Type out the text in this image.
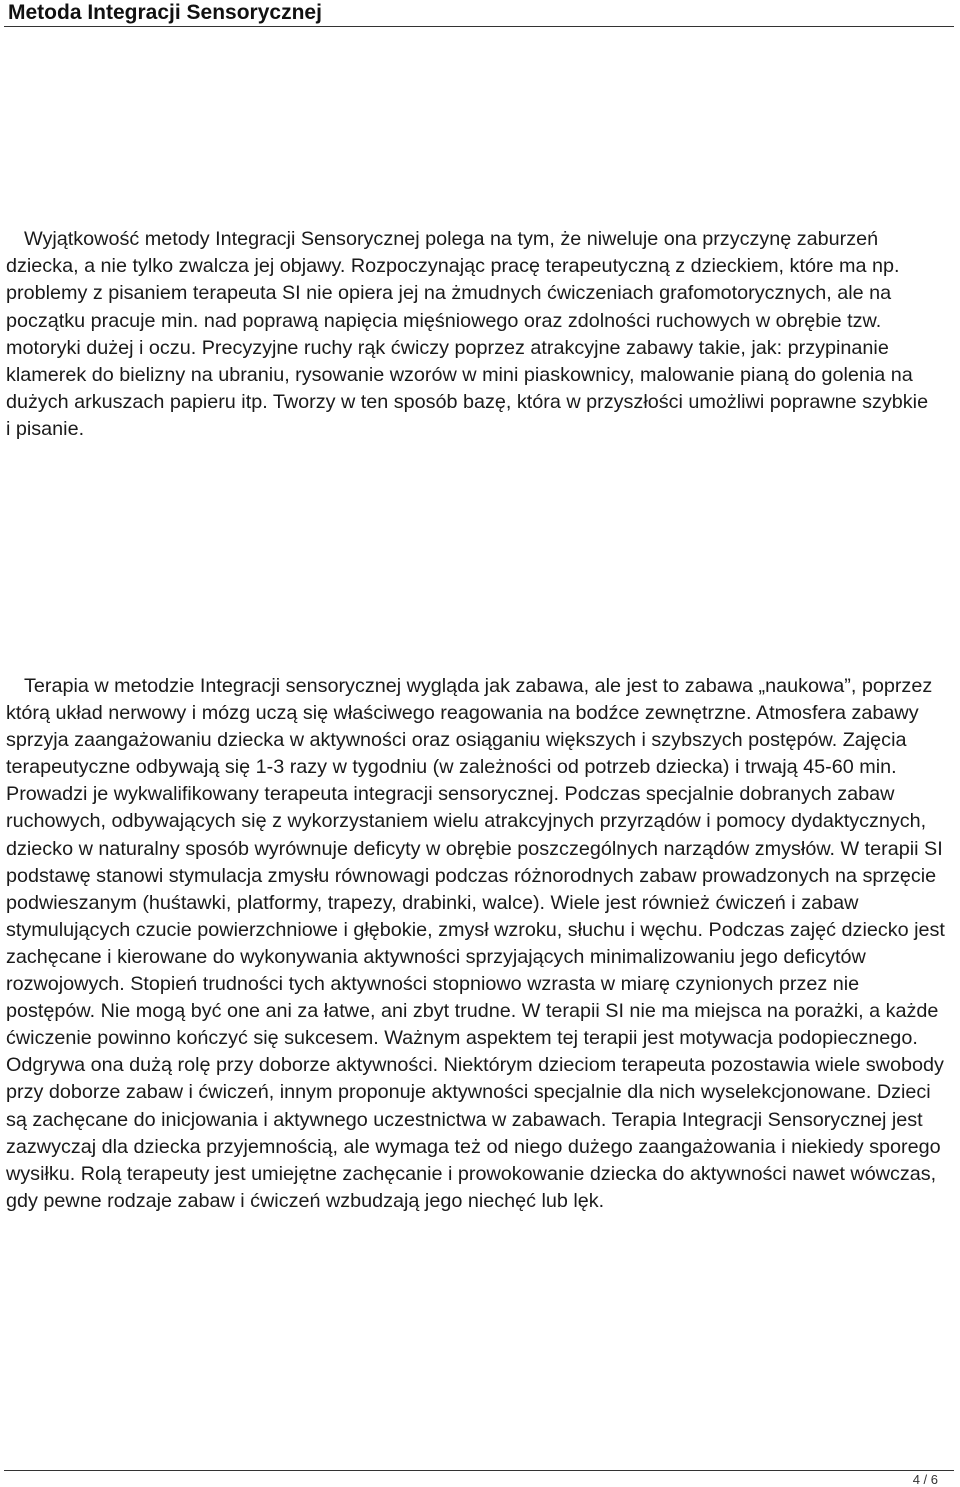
Metoda Integracji Sensorycznej

Wyjątkowość metody Integracji Sensorycznej polega na tym, że niweluje ona przyczynę zaburzeń dziecka, a nie tylko zwalcza jej objawy. Rozpoczynając pracę terapeutyczną z dzieckiem, które ma np. problemy z pisaniem terapeuta SI nie opiera jej na żmudnych ćwiczeniach grafomotorycznych, ale na początku pracuje min. nad poprawą napięcia mięśniowego oraz zdolności ruchowych w obrębie tzw. motoryki dużej i oczu. Precyzyjne ruchy rąk ćwiczy poprzez atrakcyjne zabawy takie, jak: przypinanie klamerek do bielizny na ubraniu, rysowanie wzorów w mini piaskownicy, malowanie pianą do golenia na dużych arkuszach papieru itp. Tworzy w ten sposób bazę, która w przyszłości umożliwi poprawne szybkie i pisanie.

Terapia w metodzie Integracji sensorycznej wygląda jak zabawa, ale jest to zabawa „naukowa”, poprzez którą układ nerwowy i mózg uczą się właściwego reagowania na bodźce zewnętrzne. Atmosfera zabawy sprzyja zaangażowaniu dziecka w aktywności oraz osiąganiu większych i szybszych postępów. Zajęcia terapeutyczne odbywają się 1-3 razy w tygodniu (w zależności od potrzeb dziecka) i trwają 45-60 min. Prowadzi je wykwalifikowany terapeuta integracji sensorycznej. Podczas specjalnie dobranych zabaw ruchowych, odbywających się z wykorzystaniem wielu atrakcyjnych przyrządów i pomocy dydaktycznych, dziecko w naturalny sposób wyrównuje deficyty w obrębie poszczególnych narządów zmysłów. W terapii SI podstawę stanowi stymulacja zmysłu równowagi podczas różnorodnych zabaw prowadzonych na sprzęcie podwieszanym (huśtawki, platformy, trapezy, drabinki, walce). Wiele jest również ćwiczeń i zabaw stymulujących czucie powierzchniowe i głębokie, zmysł wzroku, słuchu i węchu. Podczas zajęć dziecko jest zachęcane i kierowane do wykonywania aktywności sprzyjających minimalizowaniu jego deficytów rozwojowych. Stopień trudności tych aktywności stopniowo wzrasta w miarę czynionych przez nie postępów. Nie mogą być one ani za łatwe, ani zbyt trudne. W terapii SI nie ma miejsca na porażki, a każde ćwiczenie powinno kończyć się sukcesem. Ważnym aspektem tej terapii jest motywacja podopiecznego. Odgrywa ona dużą rolę przy doborze aktywności. Niektórym dzieciom terapeuta pozostawia wiele swobody przy doborze zabaw i ćwiczeń, innym proponuje aktywności specjalnie dla nich wyselekcjonowane. Dzieci są zachęcane do inicjowania i aktywnego uczestnictwa w zabawach. Terapia Integracji Sensorycznej jest zazwyczaj dla dziecka przyjemnością, ale wymaga też od niego dużego zaangażowania i niekiedy sporego wysiłku. Rolą terapeuty jest umiejętne zachęcanie i prowokowanie dziecka do aktywności nawet wówczas, gdy pewne rodzaje zabaw i ćwiczeń wzbudzają jego niechęć lub lęk.

4 / 6
